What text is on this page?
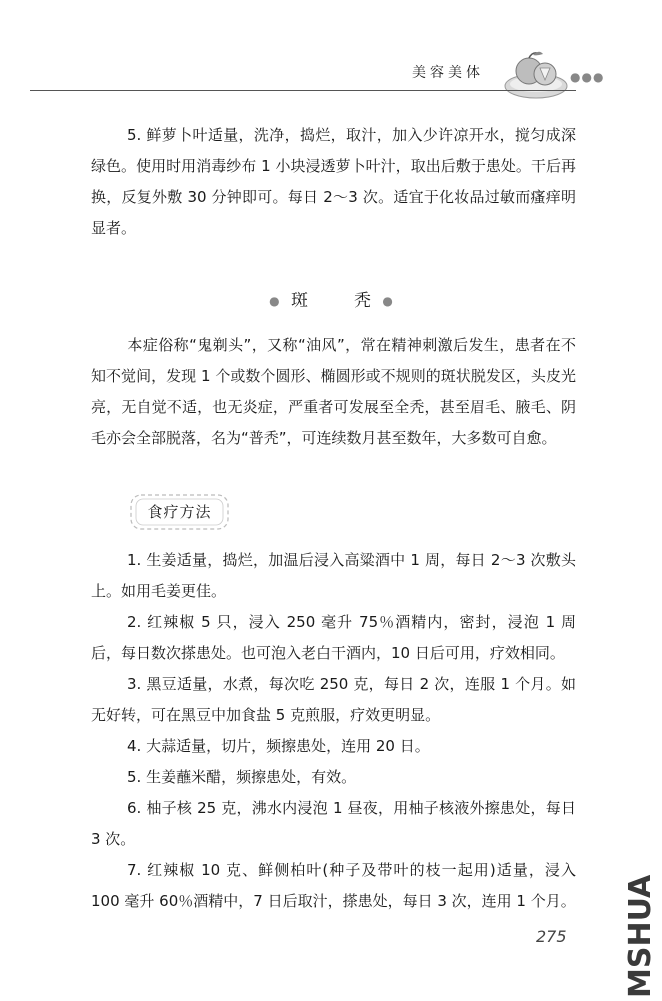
美容美体	●●●

5. 鲜萝卜叶适量，洗净，捣烂，取汁，加入少许凉开水，搅匀成深绿色。使用时用消毒纱布 1 小块浸透萝卜叶汁，取出后敷于患处。干后再换，反复外敷 30 分钟即可。每日 2～3 次。适宜于化妆品过敏而瘙痒明显者。

● 斑  	秃 ●

本症俗称“鬼剃头”，又称“油风”，常在精神刺激后发生，患者在不知不觉间，发现 1 个或数个圆形、椭圆形或不规则的斑状脱发区，头皮光亮，无自觉不适，也无炎症，严重者可发展至全秃，甚至眉毛、腋毛、阴毛亦会全部脱落，名为“普秃”，可连续数月甚至数年，大多数可自愈。

食疗方法

1. 生姜适量，捣烂，加温后浸入高粱酒中 1 周，每日 2～3 次敷头上。如用毛姜更佳。

2. 红辣椒 5 只，浸入 250 毫升 75％酒精内，密封，浸泡 1 周后，每日数次搽患处。也可泡入老白干酒内，10 日后可用，疗效相同。

3. 黑豆适量，水煮，每次吃 250 克，每日 2 次，连服 1 个月。如无好转，可在黑豆中加食盐 5 克煎服，疗效更明显。

4. 大蒜适量，切片，频擦患处，连用 20 日。

5. 生姜蘸米醋，频擦患处，有效。

6. 柚子核 25 克，沸水内浸泡 1 昼夜，用柚子核液外擦患处，每日 3 次。

7. 红辣椒 10 克、鲜侧柏叶(种子及带叶的枝一起用)适量，浸入 100 毫升 60％酒精中，7 日后取汁，搽患处，每日 3 次，连用 1 个月。

275 MSHUA
